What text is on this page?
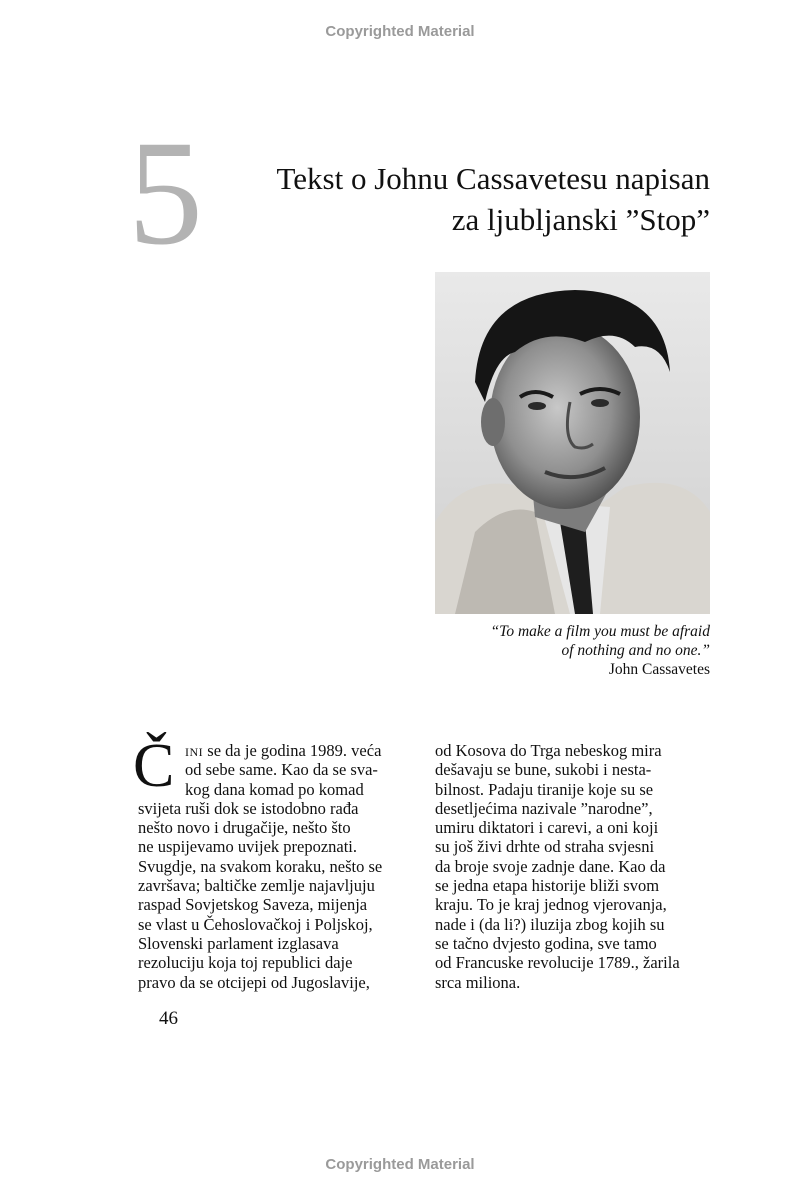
Copyrighted Material
5	Tekst o Johnu Cassavetesu napisan
za ljubljanski ”Stop”
“To make a film you must be afraid
of nothing and no one.”
John Cassavetes
Č ini se da je godina 1989. veća
od sebe same. Kao da se sva-
kog dana komad po komad
svijeta ruši dok se istodobno rađa
nešto novo i drugačije, nešto što
ne uspijevamo uvijek prepoznati.
Svugdje, na svakom koraku, nešto se
završava; baltičke zemlje najavljuju
raspad Sovjetskog Saveza, mijenja
se vlast u Čehoslovačkoj i Poljskoj,
Slovenski parlament izglasava
rezoluciju koja toj republici daje
pravo da se otcijepi od Jugoslavije,
od Kosova do Trga nebeskog mira
dešavaju se bune, sukobi i nesta-
bilnost. Padaju tiranije koje su se
desetljećima nazivale ”narodne”,
umiru diktatori i carevi, a oni koji
su još živi drhte od straha svjesni
da broje svoje zadnje dane. Kao da
se jedna etapa historije bliži svom
kraju. To je kraj jednog vjerovanja,
nade i (da li?) iluzija zbog kojih su
se tačno dvjesto godina, sve tamo
od Francuske revolucije 1789., žarila
srca miliona.
46
Copyrighted Material
